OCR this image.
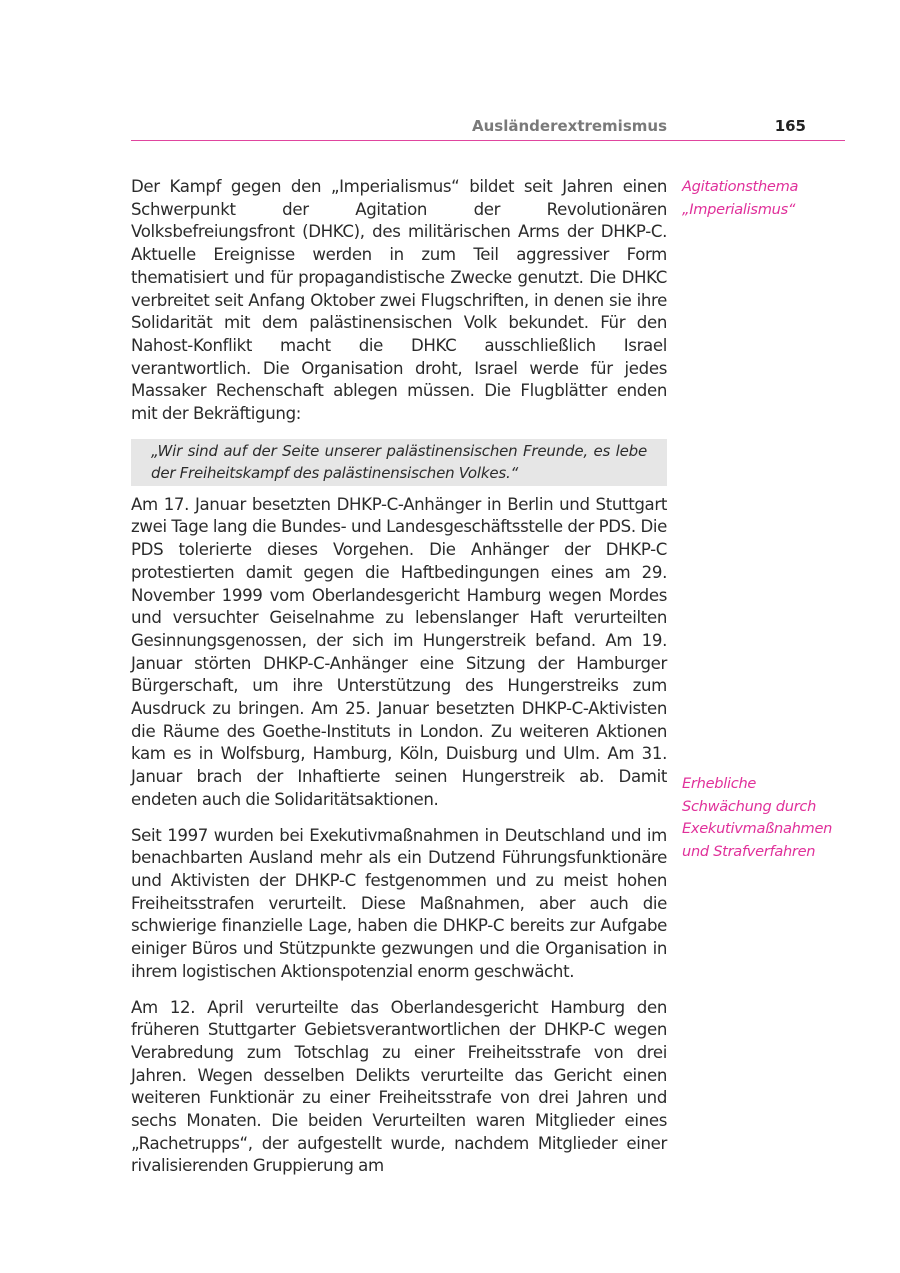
Ausländerextremismus	165
Agitationsthema „Imperialismus“
Erhebliche Schwächung durch Exekutivmaßnahmen und Strafverfahren

Der Kampf gegen den „Imperialismus“ bildet seit Jahren einen Schwerpunkt der Agitation der Revolutionären Volksbefreiungsfront (DHKC), des militärischen Arms der DHKP-C. Aktuelle Ereignisse werden in zum Teil aggressiver Form thematisiert und für propagandistische Zwecke genutzt. Die DHKC verbreitet seit Anfang Oktober zwei Flugschriften, in denen sie ihre Solidarität mit dem palästinensischen Volk bekundet. Für den Nahost-Konflikt macht die DHKC ausschließlich Israel verantwortlich. Die Organisation droht, Israel werde für jedes Massaker Rechenschaft ablegen müssen. Die Flugblätter enden mit der Bekräftigung:

„Wir sind auf der Seite unserer palästinensischen Freunde, es lebe der Freiheitskampf des palästinensischen Volkes.“

Am 17. Januar besetzten DHKP-C-Anhänger in Berlin und Stuttgart zwei Tage lang die Bundes- und Landesgeschäftsstelle der PDS. Die PDS tolerierte dieses Vorgehen. Die Anhänger der DHKP-C protestierten damit gegen die Haftbedingungen eines am 29. November 1999 vom Oberlandesgericht Hamburg wegen Mordes und versuchter Geiselnahme zu lebenslanger Haft verurteilten Gesinnungsgenossen, der sich im Hungerstreik befand. Am 19. Januar störten DHKP-C-Anhänger eine Sitzung der Hamburger Bürgerschaft, um ihre Unterstützung des Hungerstreiks zum Ausdruck zu bringen. Am 25. Januar besetzten DHKP-C-Aktivisten die Räume des Goethe-Instituts in London. Zu weiteren Aktionen kam es in Wolfsburg, Hamburg, Köln, Duisburg und Ulm. Am 31. Januar brach der Inhaftierte seinen Hungerstreik ab. Damit endeten auch die Solidaritätsaktionen.

Seit 1997 wurden bei Exekutivmaßnahmen in Deutschland und im benachbarten Ausland mehr als ein Dutzend Führungsfunktionäre und Aktivisten der DHKP-C festgenommen und zu meist hohen Freiheitsstrafen verurteilt. Diese Maßnahmen, aber auch die schwierige finanzielle Lage, haben die DHKP-C bereits zur Aufgabe einiger Büros und Stützpunkte gezwungen und die Organisation in ihrem logistischen Aktionspotenzial enorm geschwächt.

Am 12. April verurteilte das Oberlandesgericht Hamburg den früheren Stuttgarter Gebietsverantwortlichen der DHKP-C wegen Verabredung zum Totschlag zu einer Freiheitsstrafe von drei Jahren. Wegen desselben Delikts verurteilte das Gericht einen weiteren Funktionär zu einer Freiheitsstrafe von drei Jahren und sechs Monaten. Die beiden Verurteilten waren Mitglieder eines „Rachetrupps“, der aufgestellt wurde, nachdem Mitglieder einer rivalisierenden Gruppierung am
